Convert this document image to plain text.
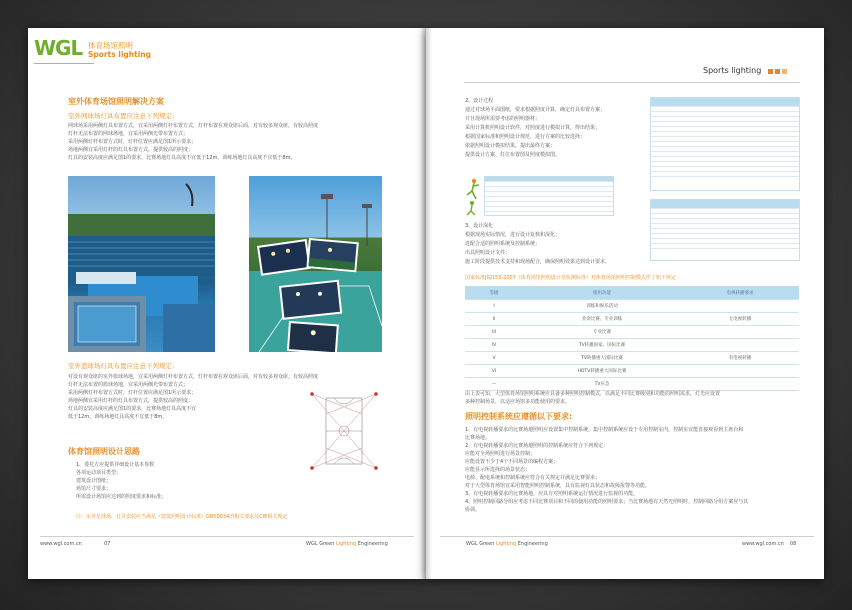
WGL 体育场馆照明
Sports lighting
室外体育场馆照明解决方案
室外网球场灯具布置应注意下列规定:
网球场采用两侧灯具布置方式，宜采用两侧灯杆布置方式，灯杆布置在观众席后面，对有较多观众席，有较高照度
灯杆无法布置的网球场地，宜采用两侧光带布置方式；
采用两侧灯杆布置方式时，灯杆位置应满足图1所示要求；
场地两侧宜采用灯杆的灯具布置方式，提供较高的照度；
灯具的安装高度应满足图1的要求，比赛场地灯具高度不宜低于12m，训练场地灯具高度不宜低于8m。
室外篮球场灯具布置应注意下列规定:
对设有观众席的室外篮球场地，宜采用两侧灯杆布置方式，灯杆布置在观众席后面，对有较多观众席，有较高照度
灯杆无法布置的篮球场地，宜采用两侧光带布置方式；
采用两侧灯杆布置方式时，灯杆位置应满足图1所示要求；
场地两侧宜采用灯杆的灯具布置方式，提供较高的照度；
灯具的安装高度应满足图1的要求，比赛场地灯具高度不宜
低于12m，训练场地灯具高度不宜低于8m。
体育馆照明设计思路
1、委托方应提供详细设计基本参数
各项运动项目类型；
建筑设计图纸；
场馆尺寸要求；
所需设计场馆应达到的照度要求和标准；
注：室外足球场、灯具安装应当满足《建筑照明设计标准》GB50034的相关要求及CIE相关规定
www.wgl.com.cn	07	WGL Green Lighting Engineering
Sports lighting
2、设计过程
通过对球场平面图纸，要求根据照度计算，确定灯具布置方案；
并且现场所需要考虑的照明器材；
采用计算机照明设计软件，对照度进行模拟计算，得出结果；
根据国家标准和照明设计规范，进行方案的比较选择；
依据照明设计模拟结果，提出最终方案；
提供设计方案、灯位布置图及照度模拟图。
3、设计深化
根据现场实际情况，进行设计复核和深化；
选配合适的照明系统及控制系统；
出具照明设计文件；
施工阶段提供技术支持和现场配合，确保照明效果达到设计要求。
国家标准JGJ153-2007《体育场馆照明设计及检测标准》对体育场馆照明控制模式作了如下规定：
等级	使用功能	电视转播要求
I	训练和娱乐活动	
II	业余比赛、专业训练	无电视转播
III	专业比赛	
IV	TV转播国家、国际比赛	
V	TV转播重大国际比赛	有电视转播
VI	HDTV转播重大国际比赛	
—	TV应急	
由上表可知，大型体育场馆照明系统应具备多种照明控制模式，以满足不同比赛级别和功能的照明需求，灯光应设置
多种控制场景，以适应场馆多功能使用的要求。
照明控制系统应遵循以下要求:
1、有电视转播要求的比赛场地照明应设置集中控制系统，集中控制系统应设于专用控制室内，控制室宜能直接观看到主席台和
比赛场地。
2、有电视转播要求的比赛场地照明的控制系统应符合下列规定：
应能对全场照明进行场景控制；
应能设置不少于4个不同场景的编程方案；
应能显示所选择的场景状态；
电源、配电系统和控制系统应符合有关规定并满足比赛要求；
对于大型体育场馆宜采用智能照明控制系统，具有监视灯具状态和故障报警等功能。
3、有电视转播要求的比赛场地，应具有对照明系统运行情况进行监视的功能。
4、照明控制回路分组应考虑不同比赛项目和不同的使用功能的照明要求；当比赛场地有天然光照明时，控制回路分组方案应与其
协调。
WGL Green Lighting Engineering	www.wgl.com.cn 08
